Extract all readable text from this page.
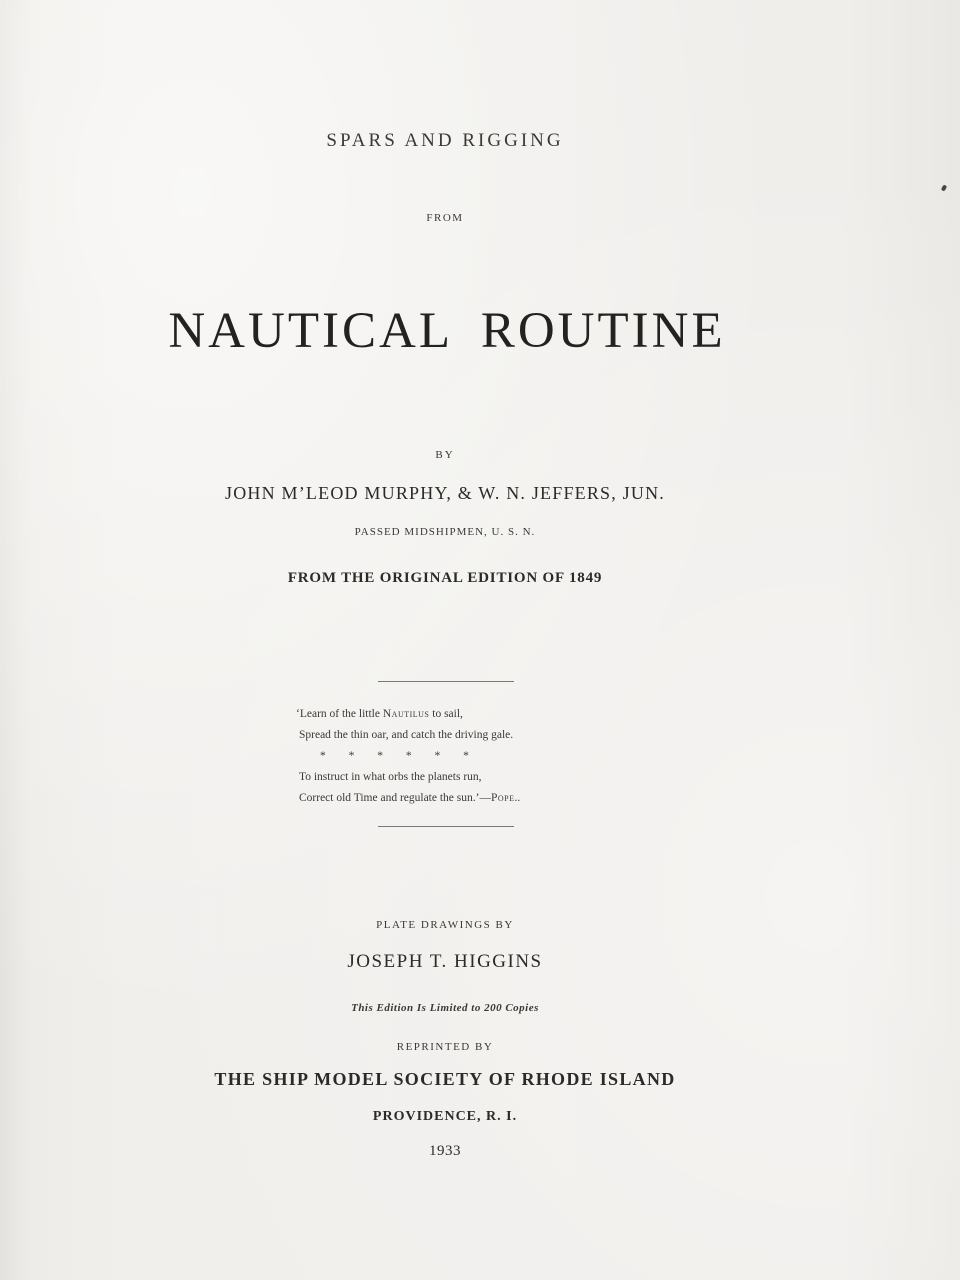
SPARS AND RIGGING
FROM
NAUTICAL ROUTINE
BY
JOHN M’LEOD MURPHY, & W. N. JEFFERS, JUN.
PASSED MIDSHIPMEN, U. S. N.
FROM THE ORIGINAL EDITION OF 1849
‘Learn of the little Nautilus to sail,
Spread the thin oar, and catch the driving gale.
* * * * * *
To instruct in what orbs the planets run,
Correct old Time and regulate the sun.’—Pope..
PLATE DRAWINGS BY
JOSEPH T. HIGGINS
This Edition Is Limited to 200 Copies
REPRINTED BY
THE SHIP MODEL SOCIETY OF RHODE ISLAND
PROVIDENCE, R. I.
1933
